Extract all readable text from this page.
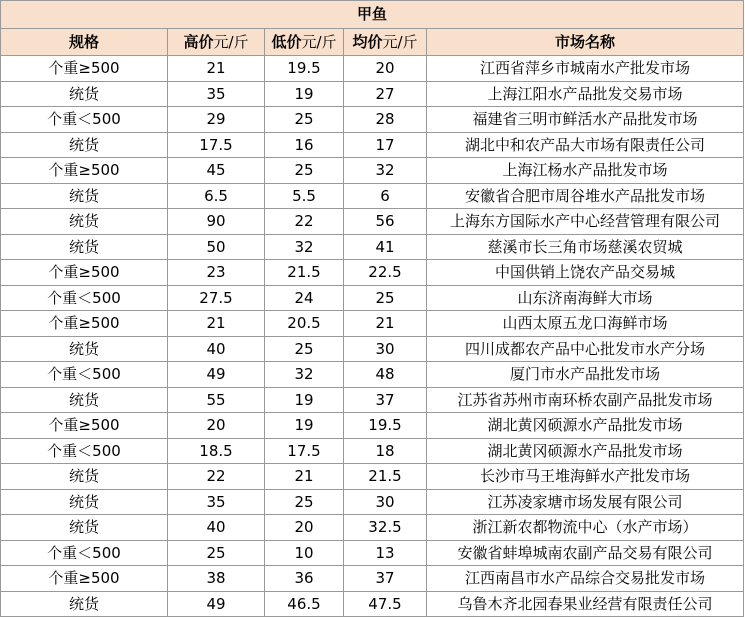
甲鱼				
规格	高价元/斤	低价元/斤	均价元/斤	市场名称
个重≥500	21	19.5	20	江西省萍乡市城南水产批发市场
统货	35	19	27	上海江阳水产品批发交易市场
个重＜500	29	25	28	福建省三明市鲜活水产品批发市场
统货	17.5	16	17	湖北中和农产品大市场有限责任公司
个重≥500	45	25	32	上海江杨水产品批发市场
统货	6.5	5.5	6	安徽省合肥市周谷堆水产品批发市场
统货	90	22	56	上海东方国际水产中心经营管理有限公司
统货	50	32	41	慈溪市长三角市场慈溪农贸城
个重≥500	23	21.5	22.5	中国供销上饶农产品交易城
个重＜500	27.5	24	25	山东济南海鲜大市场
个重≥500	21	20.5	21	山西太原五龙口海鲜市场
统货	40	25	30	四川成都农产品中心批发市水产分场
个重＜500	49	32	48	厦门市水产品批发市场
统货	55	19	37	江苏省苏州市南环桥农副产品批发市场
个重≥500	20	19	19.5	湖北黄冈硕源水产品批发市场
个重＜500	18.5	17.5	18	湖北黄冈硕源水产品批发市场
统货	22	21	21.5	长沙市马王堆海鲜水产批发市场
统货	35	25	30	江苏凌家塘市场发展有限公司
统货	40	20	32.5	浙江新农都物流中心（水产市场）
个重＜500	25	10	13	安徽省蚌埠城南农副产品交易有限公司
个重≥500	38	36	37	江西南昌市水产品综合交易批发市场
统货	49	46.5	47.5	乌鲁木齐北园春果业经营有限责任公司
